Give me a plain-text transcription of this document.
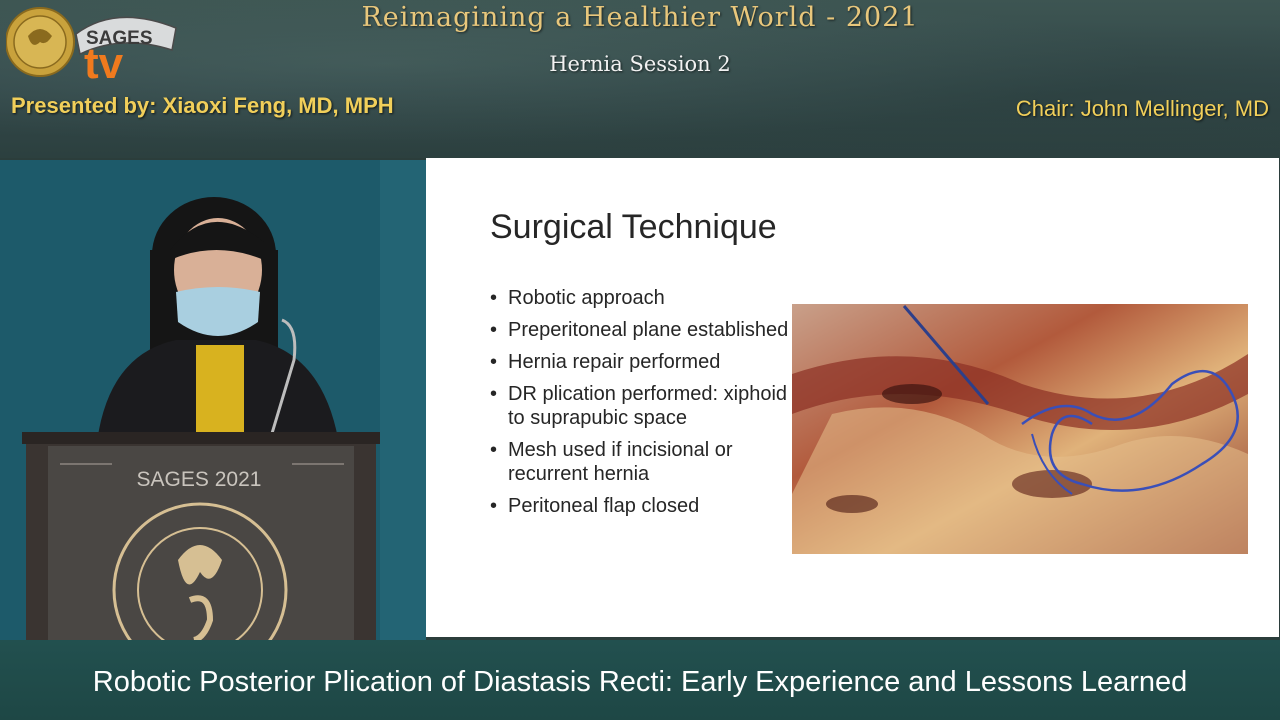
SAGES
tv
Reimagining a Healthier World - 2021
Hernia Session 2
Presented by: Xiaoxi Feng, MD, MPH	Chair: John Mellinger, MD
SAGES 2021
Surgical Technique
• Robotic approach
• Preperitoneal plane established
• Hernia repair performed
• DR plication performed: xiphoid to suprapubic space
• Mesh used if incisional or recurrent hernia
• Peritoneal flap closed
Robotic Posterior Plication of Diastasis Recti: Early Experience and Lessons Learned
